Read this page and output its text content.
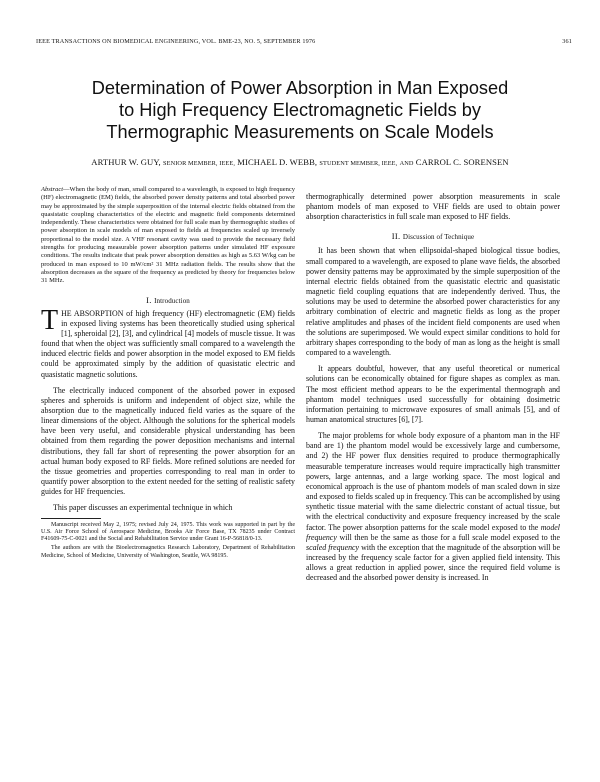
IEEE TRANSACTIONS ON BIOMEDICAL ENGINEERING, VOL. BME-23, NO. 5, SEPTEMBER 1976	361
Determination of Power Absorption in Man Exposed
to High Frequency Electromagnetic Fields by
Thermographic Measurements on Scale Models
ARTHUR W. GUY, SENIOR MEMBER, IEEE, MICHAEL D. WEBB, STUDENT MEMBER, IEEE, AND CARROL C. SORENSEN
Abstract—When the body of man, small compared to a wavelength, is exposed to high frequency (HF) electromagnetic (EM) fields, the absorbed power density patterns and total absorbed power may be approximated by the simple superposition of the internal electric fields obtained from the quasistatic coupling characteristics of the electric and magnetic field components determined independently. These characteristics were obtained for full scale man by thermographic studies of power absorption in scale models of man exposed to fields at frequencies scaled up inversely proportional to the model size. A VHF resonant cavity was used to provide the necessary field strengths for producing measurable power absorption patterns under simulated HF exposure conditions. The results indicate that peak power absorption densities as high as 5.63 W/kg can be produced in man exposed to 10 mW/cm² 31 MHz radiation fields. The results show that the absorption decreases as the square of the frequency as predicted by theory for frequencies below 31 MHz.
I. Introduction

THE ABSORPTION of high frequency (HF) electromagnetic (EM) fields in exposed living systems has been theoretically studied using spherical [1], spheroidal [2], [3], and cylindrical [4] models of muscle tissue. It was found that when the object was sufficiently small compared to a wavelength the induced electric fields and power absorption in the model exposed to EM fields could be approximated simply by the addition of quasistatic electric and quasistatic magnetic solutions.

The electrically induced component of the absorbed power in exposed spheres and spheroids is uniform and independent of object size, while the absorption due to the magnetically induced field varies as the square of the linear dimensions of the object. Although the solutions for the spherical models have been very useful, and considerable physical understanding has been obtained from them regarding the power deposition mechanisms and internal distributions, they fall far short of representing the power absorption for an actual human body exposed to RF fields. More refined solutions are needed for the tissue geometries and properties corresponding to real man in order to quantify power absorption to the extent needed for the setting of realistic safety guides for HF frequencies.

This paper discusses an experimental technique in which

Manuscript received May 2, 1975; revised July 24, 1975. This work was supported in part by the U.S. Air Force School of Aerospace Medicine, Brooks Air Force Base, TX 78235 under Contract F41609-75-C-0021 and the Social and Rehabilitation Service under Grant 16-P-56818/0-13.

The authors are with the Bioelectromagnetics Research Laboratory, Department of Rehabilitation Medicine, School of Medicine, University of Washington, Seattle, WA 98195.

thermographically determined power absorption measurements in scale phantom models of man exposed to VHF fields are used to obtain power absorption characteristics in full scale man exposed to HF fields.

II. Discussion of Technique

It has been shown that when ellipsoidal-shaped biological tissue bodies, small compared to a wavelength, are exposed to plane wave fields, the absorbed power density patterns may be approximated by the simple superposition of the internal electric fields obtained from the quasistatic electric and quasistatic magnetic field coupling equations that are independently derived. Thus, the solutions may be used to determine the absorbed power characteristics for any arbitrary combination of electric and magnetic fields as long as the proper relative amplitudes and phases of the incident field components are used when the solutions are superimposed. We would expect similar conditions to hold for arbitrary shapes corresponding to the body of man as long as the height is small compared to a wavelength.

It appears doubtful, however, that any useful theoretical or numerical solutions can be economically obtained for figure shapes as complex as man. The most efficient method appears to be the experimental thermograph and phantom model techniques used successfully for obtaining dosimetric information pertaining to microwave exposures of small animals [5], and of human anatomical structures [6], [7].

The major problems for whole body exposure of a phantom man in the HF band are 1) the phantom model would be excessively large and cumbersome, and 2) the HF power flux densities required to produce thermographically measurable temperature increases would require impractically high transmitter powers, large antennas, and a large working space. The most logical and economical approach is the use of phantom models of man scaled down in size and exposed to fields scaled up in frequency. This can be accomplished by using synthetic tissue material with the same dielectric constant of actual tissue, but with the electrical conductivity and exposure frequency increased by the scale factor. The power absorption patterns for the scale model exposed to the model frequency will then be the same as those for a full scale model exposed to the scaled frequency with the exception that the magnitude of the absorption will be increased by the frequency scale factor for a given applied field intensity. This allows a great reduction in applied power, since the required field volume is decreased and the absorbed power density is increased. In
